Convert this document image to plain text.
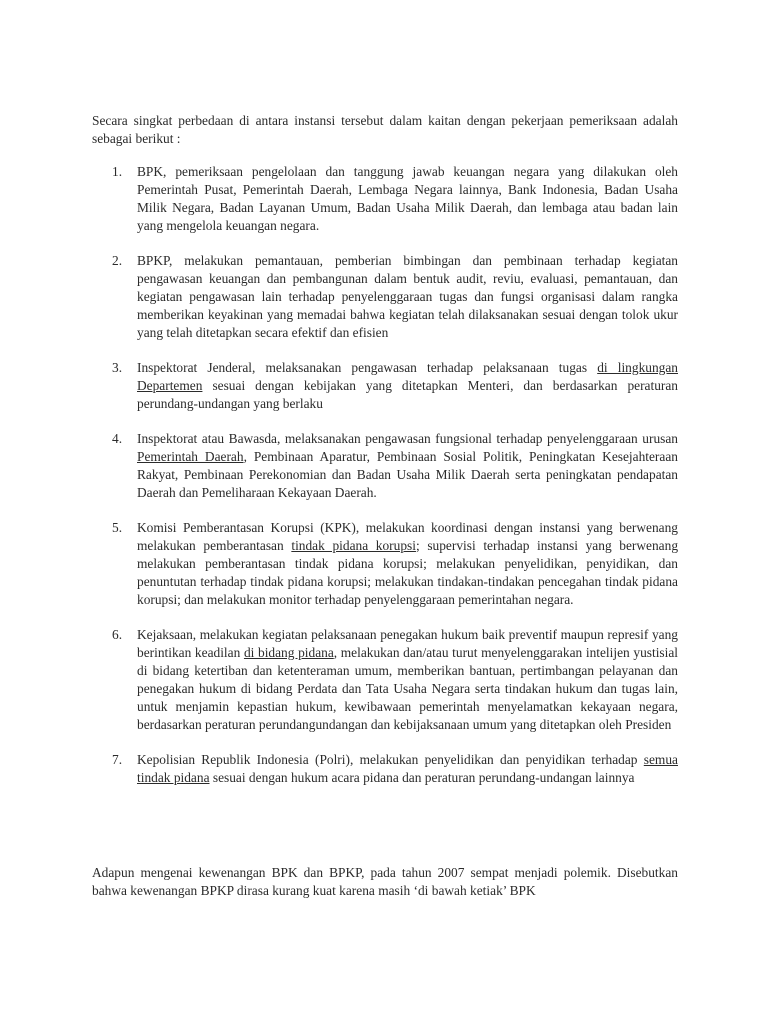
Secara singkat perbedaan di antara instansi tersebut dalam kaitan dengan pekerjaan pemeriksaan adalah sebagai berikut :

1. BPK, pemeriksaan pengelolaan dan tanggung jawab keuangan negara yang dilakukan oleh Pemerintah Pusat, Pemerintah Daerah, Lembaga Negara lainnya, Bank Indonesia, Badan Usaha Milik Negara, Badan Layanan Umum, Badan Usaha Milik Daerah, dan lembaga atau badan lain yang mengelola keuangan negara.
2. BPKP, melakukan pemantauan, pemberian bimbingan dan pembinaan terhadap kegiatan pengawasan keuangan dan pembangunan dalam bentuk audit, reviu, evaluasi, pemantauan, dan kegiatan pengawasan lain terhadap penyelenggaraan tugas dan fungsi organisasi dalam rangka memberikan keyakinan yang memadai bahwa kegiatan telah dilaksanakan sesuai dengan tolok ukur yang telah ditetapkan secara efektif dan efisien
3. Inspektorat Jenderal, melaksanakan pengawasan terhadap pelaksanaan tugas di lingkungan Departemen sesuai dengan kebijakan yang ditetapkan Menteri, dan berdasarkan peraturan perundang-undangan yang berlaku
4. Inspektorat atau Bawasda, melaksanakan pengawasan fungsional terhadap penyelenggaraan urusan Pemerintah Daerah, Pembinaan Aparatur, Pembinaan Sosial Politik, Peningkatan Kesejahteraan Rakyat, Pembinaan Perekonomian dan Badan Usaha Milik Daerah serta peningkatan pendapatan Daerah dan Pemeliharaan Kekayaan Daerah.
5. Komisi Pemberantasan Korupsi (KPK), melakukan koordinasi dengan instansi yang berwenang melakukan pemberantasan tindak pidana korupsi; supervisi terhadap instansi yang berwenang melakukan pemberantasan tindak pidana korupsi; melakukan penyelidikan, penyidikan, dan penuntutan terhadap tindak pidana korupsi; melakukan tindakan-tindakan pencegahan tindak pidana korupsi; dan melakukan monitor terhadap penyelenggaraan pemerintahan negara.
6. Kejaksaan, melakukan kegiatan pelaksanaan penegakan hukum baik preventif maupun represif yang berintikan keadilan di bidang pidana, melakukan dan/atau turut menyelenggarakan intelijen yustisial di bidang ketertiban dan ketenteraman umum, memberikan bantuan, pertimbangan pelayanan dan penegakan hukum di bidang Perdata dan Tata Usaha Negara serta tindakan hukum dan tugas lain, untuk menjamin kepastian hukum, kewibawaan pemerintah menyelamatkan kekayaan negara, berdasarkan peraturan perundangundangan dan kebijaksanaan umum yang ditetapkan oleh Presiden
7. Kepolisian Republik Indonesia (Polri), melakukan penyelidikan dan penyidikan terhadap semua tindak pidana sesuai dengan hukum acara pidana dan peraturan perundang-undangan lainnya

Adapun mengenai kewenangan BPK dan BPKP, pada tahun 2007 sempat menjadi polemik. Disebutkan bahwa kewenangan BPKP dirasa kurang kuat karena masih ‘di bawah ketiak’ BPK
